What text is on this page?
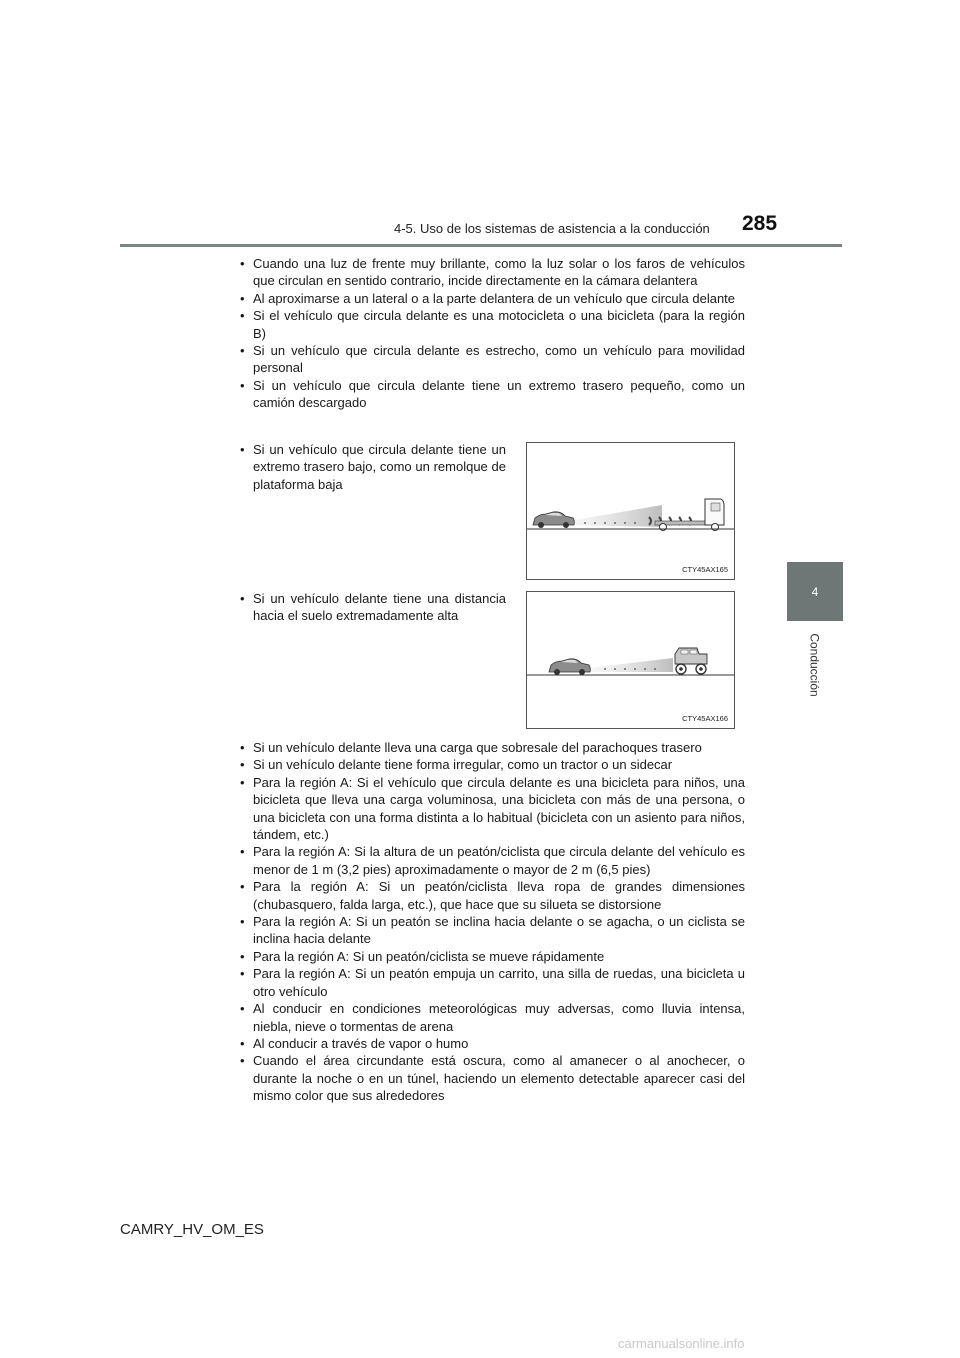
4-5. Uso de los sistemas de asistencia a la conducción 285
4
Conducción
• Cuando una luz de frente muy brillante, como la luz solar o los faros de vehículos que circulan en sentido contrario, incide directamente en la cámara delantera
• Al aproximarse a un lateral o a la parte delantera de un vehículo que circula delante
• Si el vehículo que circula delante es una motocicleta o una bicicleta (para la región B)
• Si un vehículo que circula delante es estrecho, como un vehículo para movilidad personal
• Si un vehículo que circula delante tiene un extremo trasero pequeño, como un camión descargado
• Si un vehículo que circula delante tiene un extremo trasero bajo, como un remolque de plataforma baja
CTY45AX165
• Si un vehículo delante tiene una distancia hacia el suelo extremadamente alta
CTY45AX166
• Si un vehículo delante lleva una carga que sobresale del parachoques trasero
• Si un vehículo delante tiene forma irregular, como un tractor o un sidecar
• Para la región A: Si el vehículo que circula delante es una bicicleta para niños, una bicicleta que lleva una carga voluminosa, una bicicleta con más de una persona, o una bicicleta con una forma distinta a lo habitual (bicicleta con un asiento para niños, tándem, etc.)
• Para la región A: Si la altura de un peatón/ciclista que circula delante del vehículo es menor de 1 m (3,2 pies) aproximadamente o mayor de 2 m (6,5 pies)
• Para la región A: Si un peatón/ciclista lleva ropa de grandes dimensiones (chubasquero, falda larga, etc.), que hace que su silueta se distorsione
• Para la región A: Si un peatón se inclina hacia delante o se agacha, o un ciclista se inclina hacia delante
• Para la región A: Si un peatón/ciclista se mueve rápidamente
• Para la región A: Si un peatón empuja un carrito, una silla de ruedas, una bicicleta u otro vehículo
• Al conducir en condiciones meteorológicas muy adversas, como lluvia intensa, niebla, nieve o tormentas de arena
• Al conducir a través de vapor o humo
• Cuando el área circundante está oscura, como al amanecer o al anochecer, o durante la noche o en un túnel, haciendo un elemento detectable aparecer casi del mismo color que sus alrededores
CAMRY_HV_OM_ES
carmanualsonline.info
